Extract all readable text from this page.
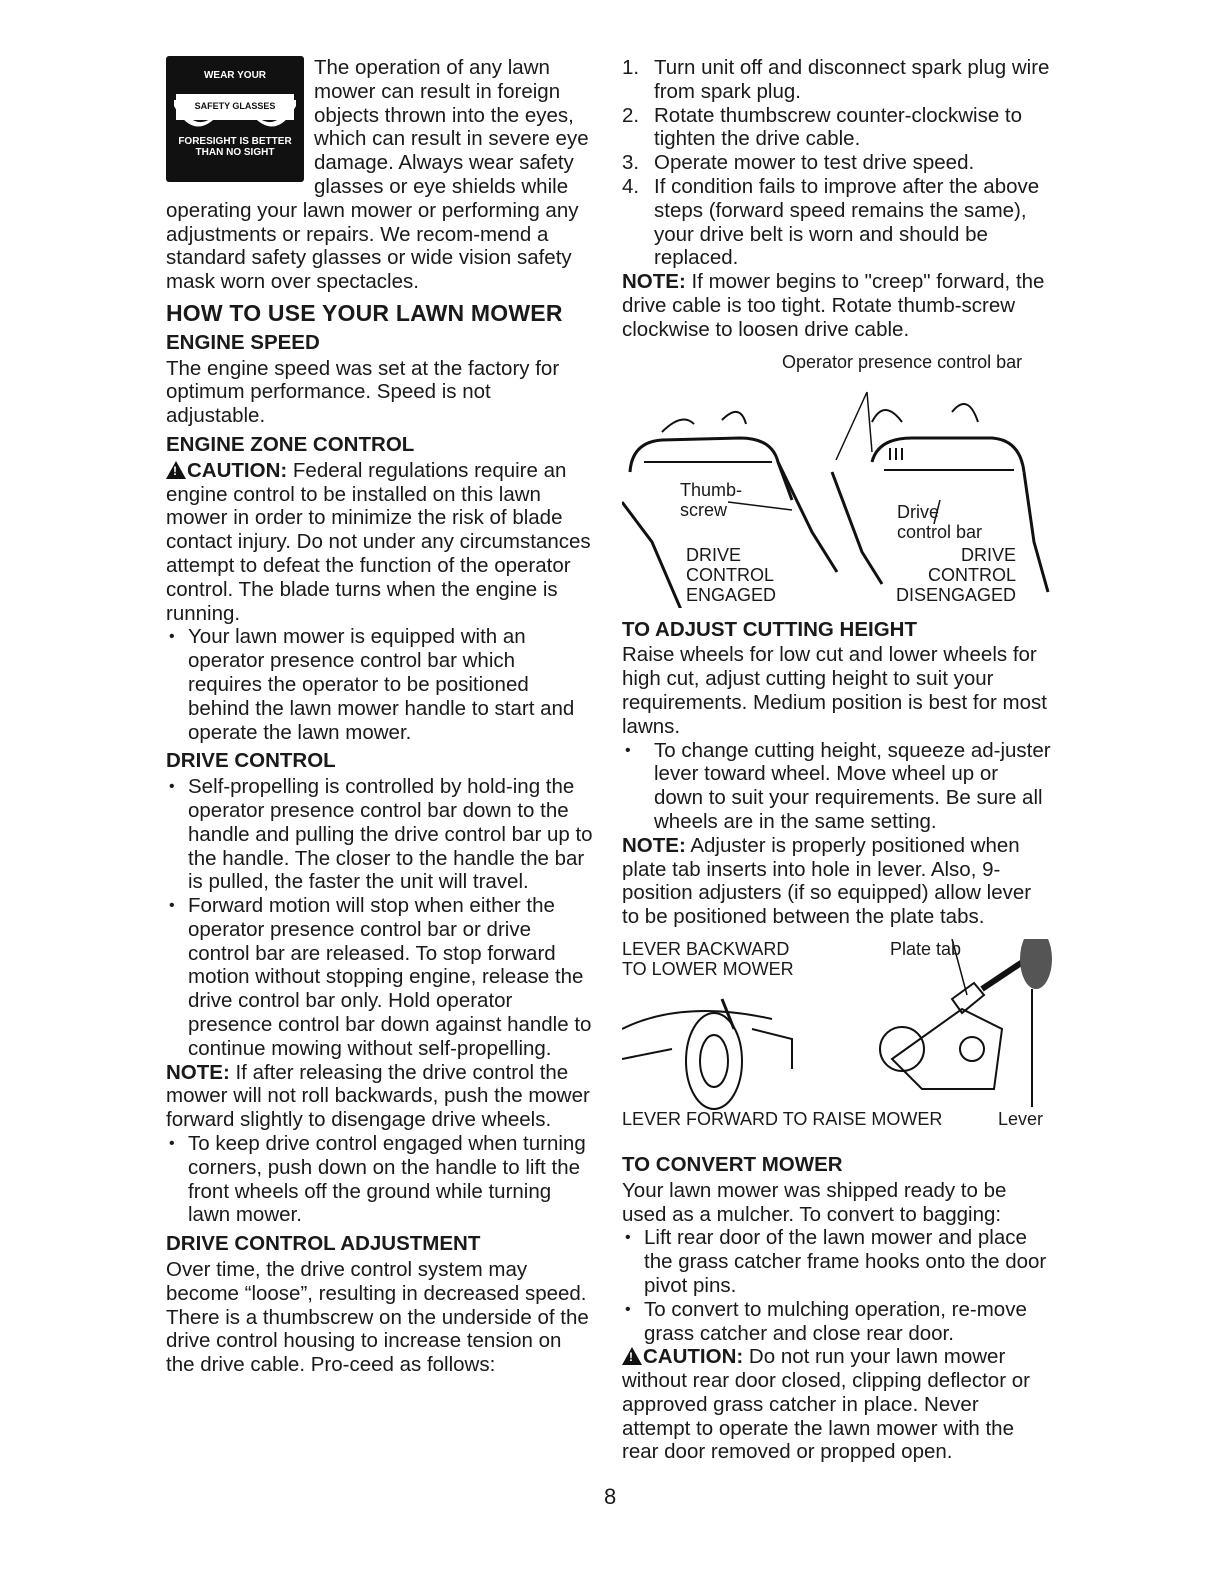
WEAR YOUR
SAFETY GLASSES
FORESIGHT IS BETTER
THAN NO SIGHT

The operation of any lawn mower can result in foreign objects thrown into the eyes, which can result in severe eye damage. Always wear safety glasses or eye shields while operating your lawn mower or performing any adjustments or repairs. We recom-mend a standard safety glasses or wide vision safety mask worn over spectacles.

HOW TO USE YOUR LAWN MOWER
ENGINE SPEED

The engine speed was set at the factory for optimum performance. Speed is not adjustable.

ENGINE ZONE CONTROL

!CAUTION: Federal regulations require an engine control to be installed on this lawn mower in order to minimize the risk of blade contact injury. Do not under any circumstances attempt to defeat the function of the operator control. The blade turns when the engine is running.

• Your lawn mower is equipped with an operator presence control bar which requires the operator to be positioned behind the lawn mower handle to start and operate the lawn mower.
DRIVE CONTROL
• Self-propelling is controlled by hold-ing the operator presence control bar down to the handle and pulling the drive control bar up to the handle. The closer to the handle the bar is pulled, the faster the unit will travel.
• Forward motion will stop when either the operator presence control bar or drive control bar are released. To stop forward motion without stopping engine, release the drive control bar only. Hold operator presence control bar down against handle to continue mowing without self-propelling.

NOTE: If after releasing the drive control the mower will not roll backwards, push the mower forward slightly to disengage drive wheels.

• To keep drive control engaged when turning corners, push down on the handle to lift the front wheels off the ground while turning lawn mower.
DRIVE CONTROL ADJUSTMENT

Over time, the drive control system may become “loose”, resulting in decreased speed. There is a thumbscrew on the underside of the drive control housing to increase tension on the drive cable. Pro-ceed as follows:

1. Turn unit off and disconnect spark plug wire from spark plug.
2. Rotate thumbscrew counter-clockwise to tighten the drive cable.
3. Operate mower to test drive speed.
4. If condition fails to improve after the above steps (forward speed remains the same), your drive belt is worn and should be replaced.

NOTE: If mower begins to "creep" forward, the drive cable is too tight. Rotate thumb-screw clockwise to loosen drive cable.

Operator presence control bar
Thumb-
screw	Drive
control bar
DRIVE
CONTROL
ENGAGED
DRIVE
CONTROL
DISENGAGED
TO ADJUST CUTTING HEIGHT

Raise wheels for low cut and lower wheels for high cut, adjust cutting height to suit your requirements. Medium position is best for most lawns.

• To change cutting height, squeeze ad-juster lever toward wheel. Move wheel up or down to suit your requirements. Be sure all wheels are in the same setting.

NOTE: Adjuster is properly positioned when plate tab inserts into hole in lever. Also, 9-position adjusters (if so equipped) allow lever to be positioned between the plate tabs.

LEVER BACKWARD
TO LOWER MOWER
Plate tab
LEVER FORWARD TO RAISE MOWER	Lever
TO CONVERT MOWER

Your lawn mower was shipped ready to be used as a mulcher. To convert to bagging:

• Lift rear door of the lawn mower and place the grass catcher frame hooks onto the door pivot pins.
• To convert to mulching operation, re-move grass catcher and close rear door.

!CAUTION: Do not run your lawn mower without rear door closed, clipping deflector or approved grass catcher in place. Never attempt to operate the lawn mower with the rear door removed or propped open.

8
